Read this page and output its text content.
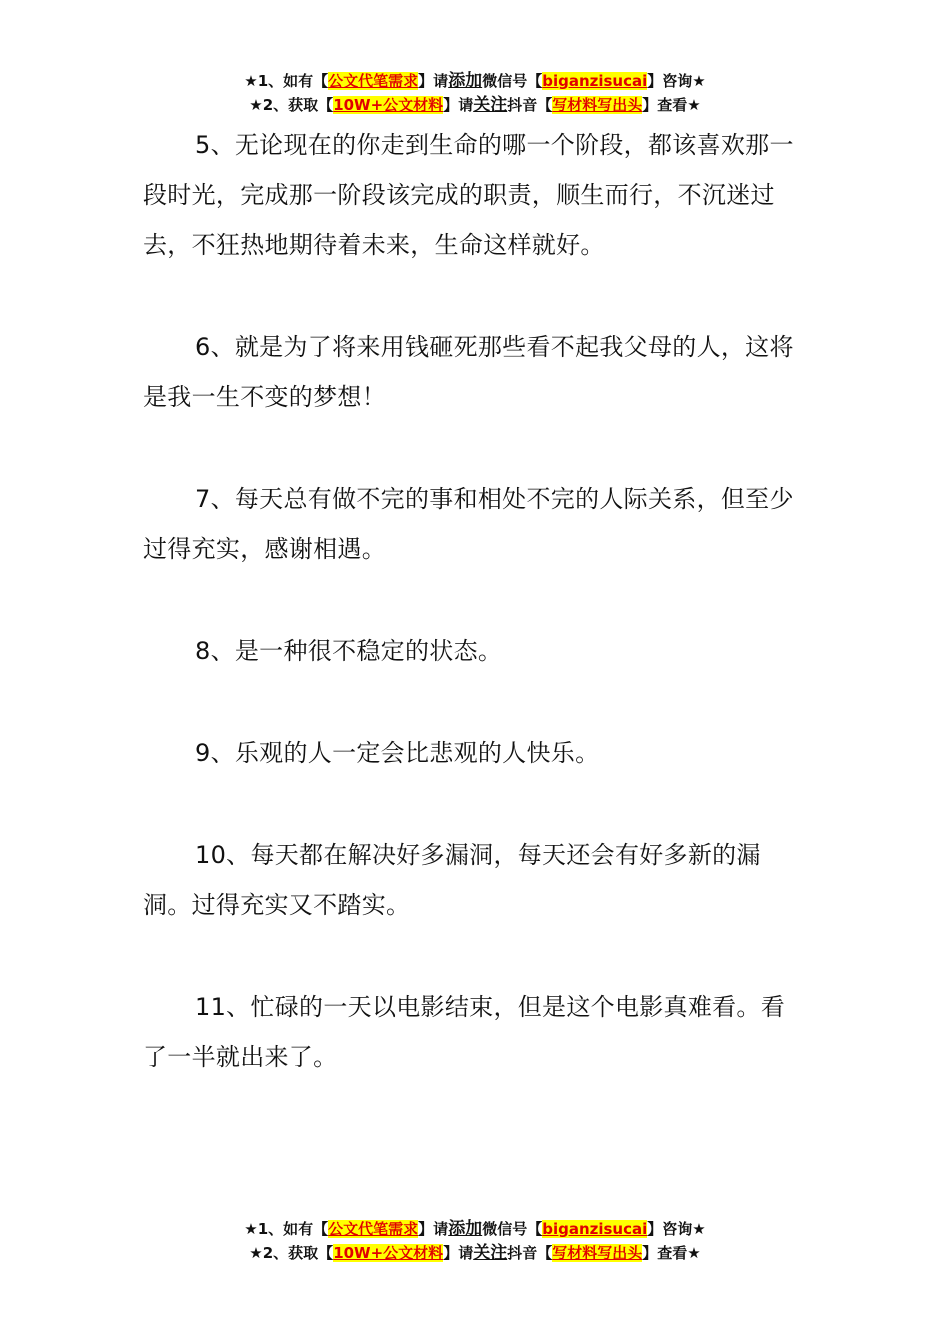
★1、如有【公文代笔需求】请添加微信号【biganzisucai】咨询★
★2、获取【10W+公文材料】请关注抖音【写材料写出头】查看★

5、无论现在的你走到生命的哪一个阶段，都该喜欢那一段时光，完成那一阶段该完成的职责，顺生而行，不沉迷过去，不狂热地期待着未来，生命这样就好。

6、就是为了将来用钱砸死那些看不起我父母的人，这将是我一生不变的梦想！

7、每天总有做不完的事和相处不完的人际关系，但至少过得充实，感谢相遇。

8、是一种很不稳定的状态。

9、乐观的人一定会比悲观的人快乐。

10、每天都在解决好多漏洞，每天还会有好多新的漏洞。过得充实又不踏实。

11、忙碌的一天以电影结束，但是这个电影真难看。看了一半就出来了。

★1、如有【公文代笔需求】请添加微信号【biganzisucai】咨询★
★2、获取【10W+公文材料】请关注抖音【写材料写出头】查看★
